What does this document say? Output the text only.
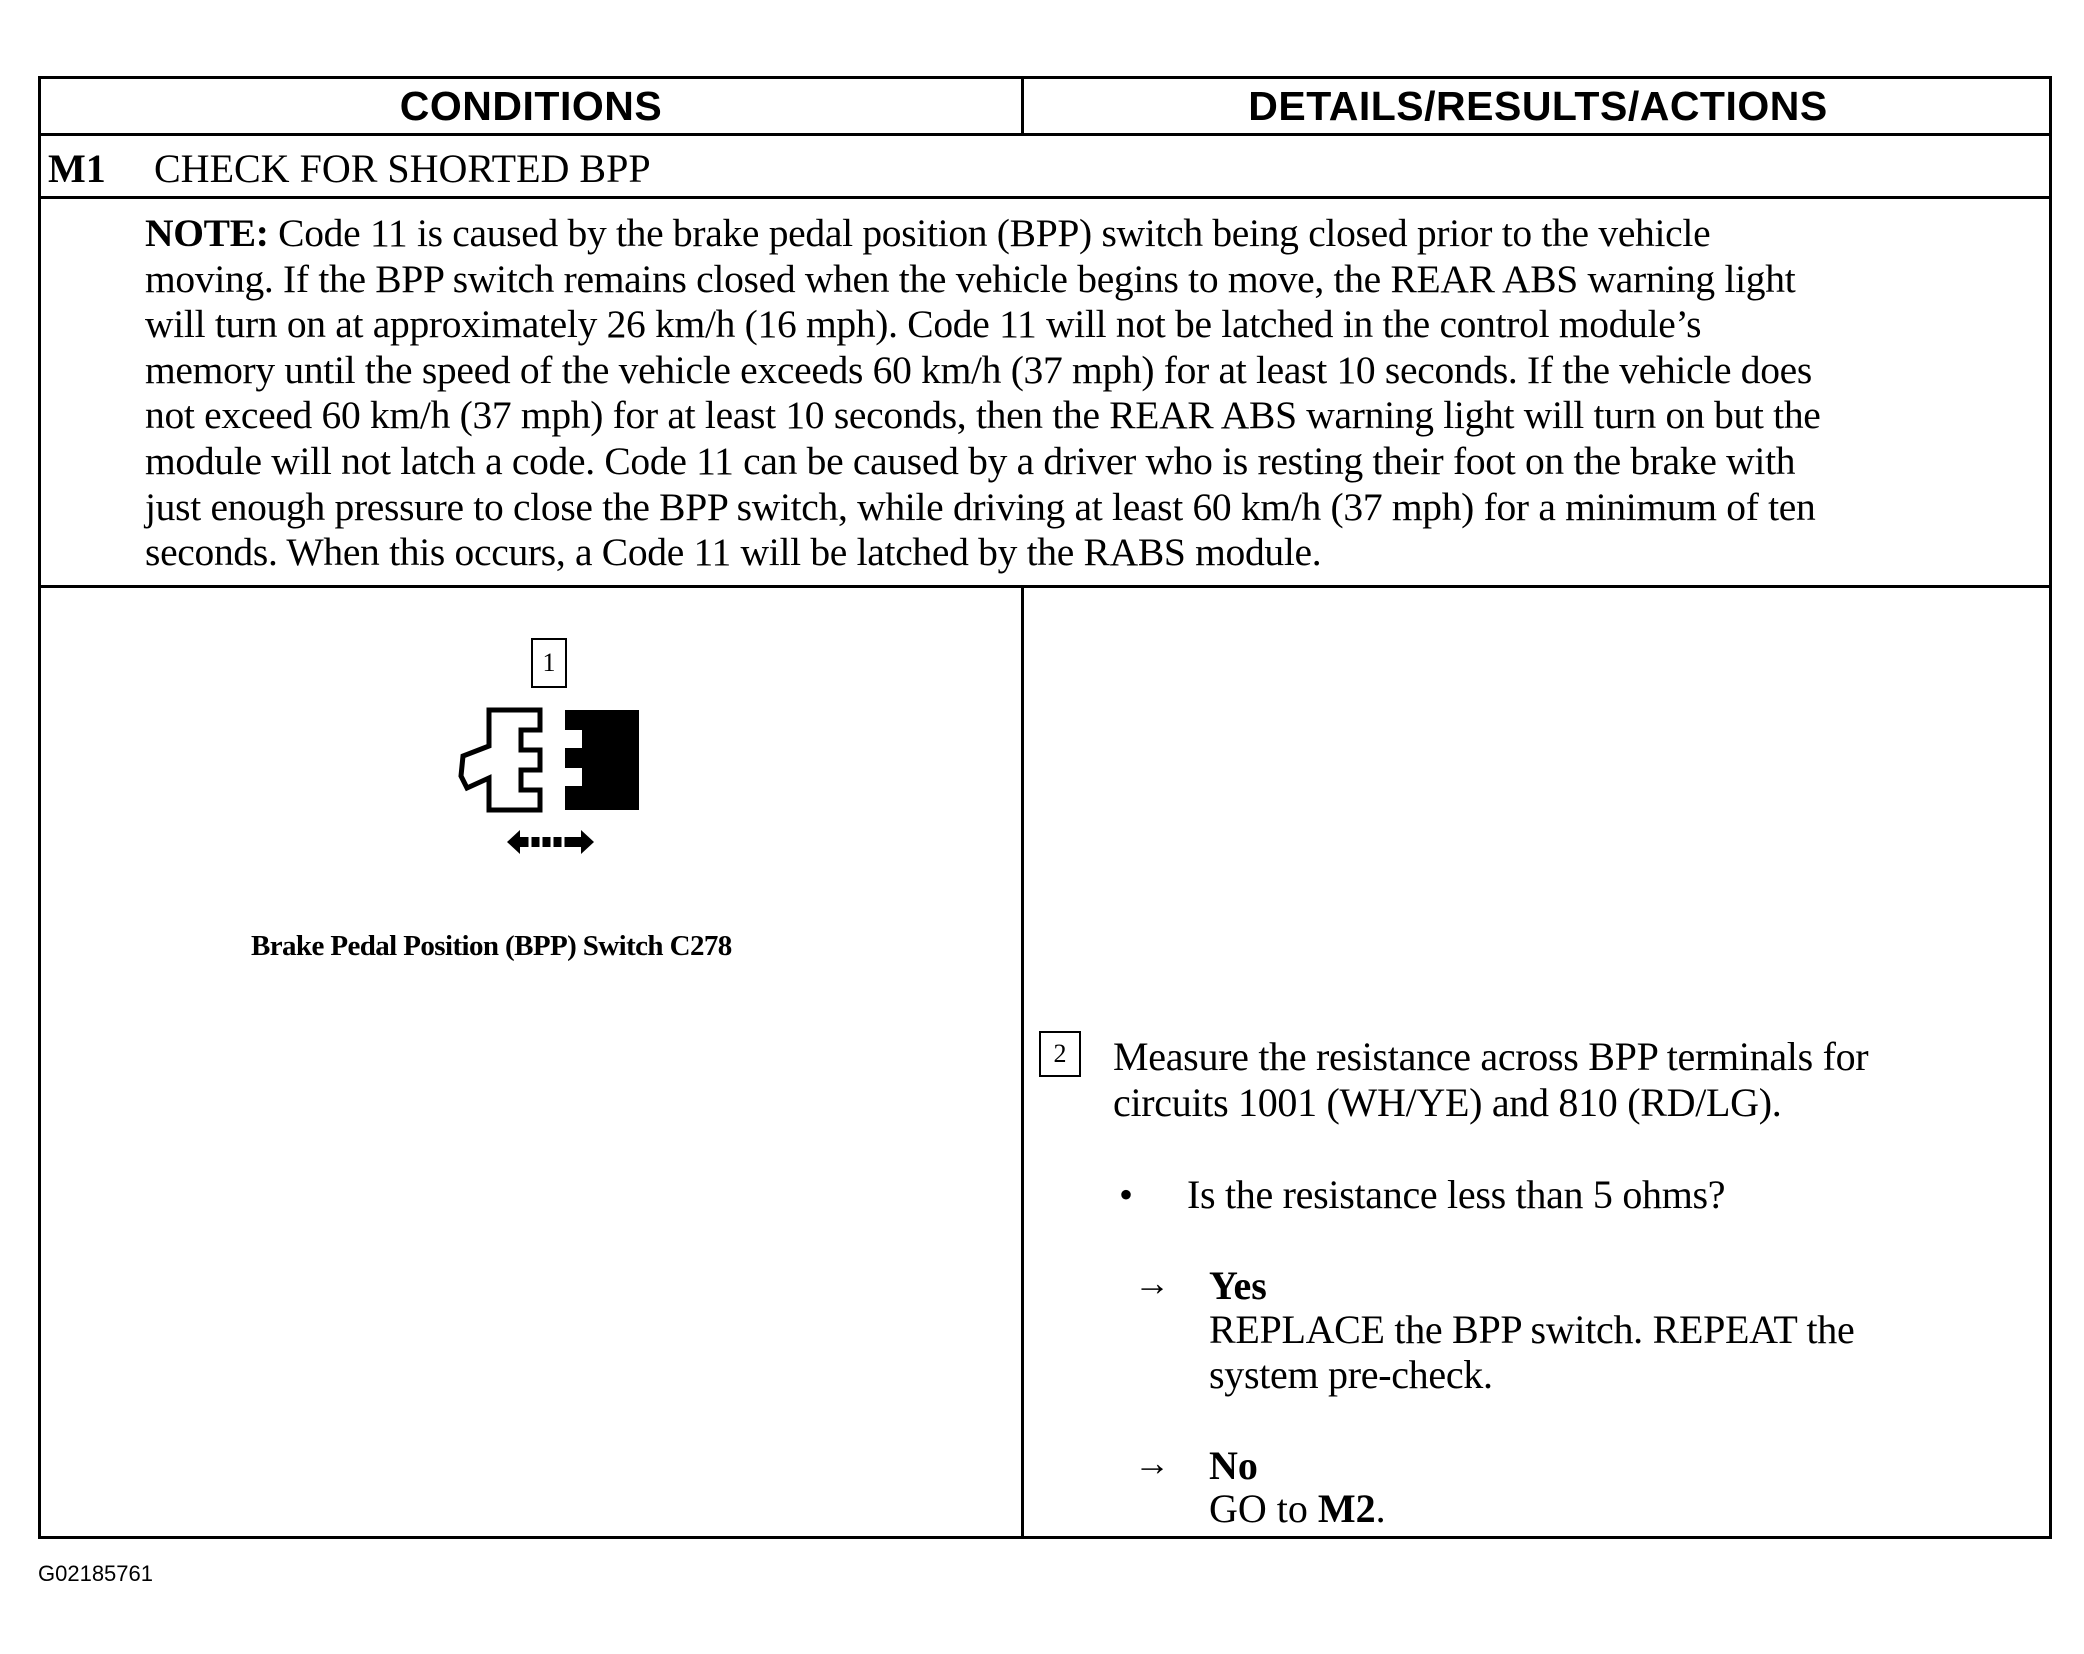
CONDITIONS	DETAILS/RESULTS/ACTIONS
M1 CHECK FOR SHORTED BPP
NOTE: Code 11 is caused by the brake pedal position (BPP) switch being closed prior to the vehicle
moving. If the BPP switch remains closed when the vehicle begins to move, the REAR ABS warning light
will turn on at approximately 26 km/h (16 mph). Code 11 will not be latched in the control module’s
memory until the speed of the vehicle exceeds 60 km/h (37 mph) for at least 10 seconds. If the vehicle does
not exceed 60 km/h (37 mph) for at least 10 seconds, then the REAR ABS warning light will turn on but the
module will not latch a code. Code 11 can be caused by a driver who is resting their foot on the brake with
just enough pressure to close the BPP switch, while driving at least 60 km/h (37 mph) for a minimum of ten
seconds. When this occurs, a Code 11 will be latched by the RABS module.
1
Brake Pedal Position (BPP) Switch C278
2	Measure the resistance across BPP terminals for
circuits 1001 (WH/YE) and 810 (RD/LG).
• Is the resistance less than 5 ohms?
→ Yes
REPLACE the BPP switch. REPEAT the
system pre-check.
→ No
GO to M2.
G02185761
